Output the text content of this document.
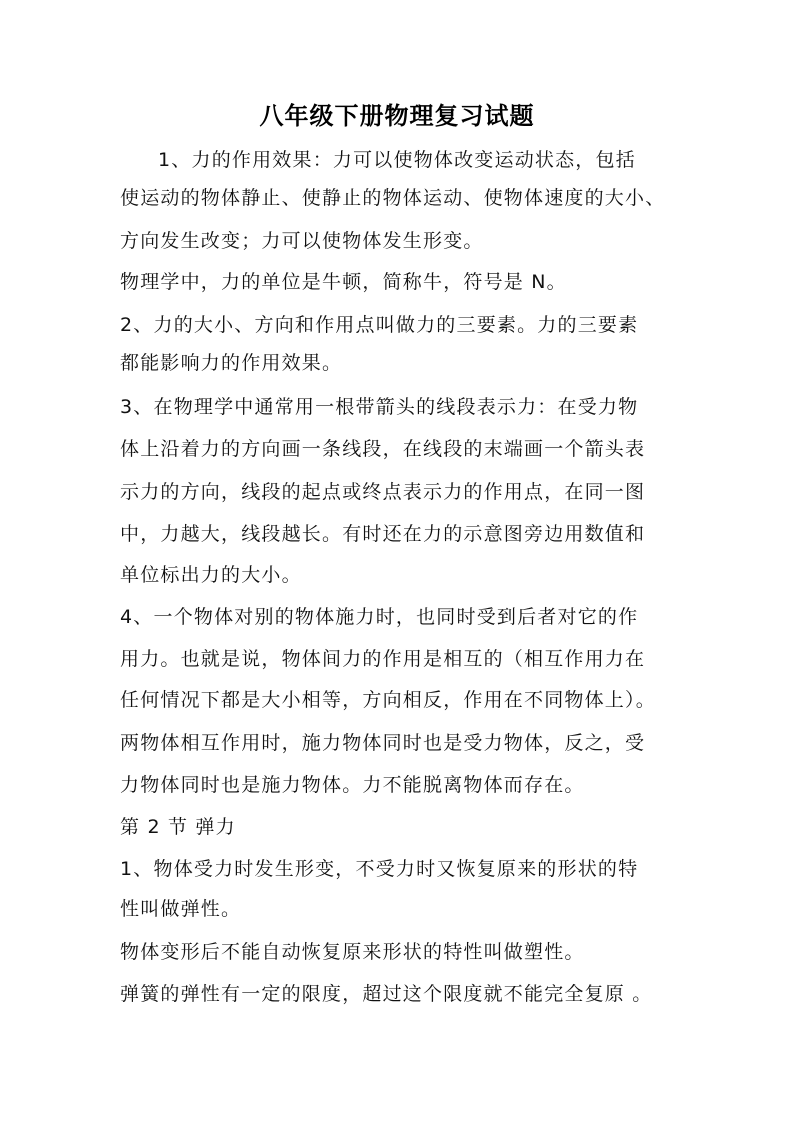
八年级下册物理复习试题

1、力的作用效果：力可以使物体改变运动状态，包括

使运动的物体静止、使静止的物体运动、使物体速度的大小、

方向发生改变；力可以使物体发生形变。

物理学中，力的单位是牛顿，简称牛，符号是 N。

2、力的大小、方向和作用点叫做力的三要素。力的三要素

都能影响力的作用效果。

3、在物理学中通常用一根带箭头的线段表示力：在受力物

体上沿着力的方向画一条线段，在线段的末端画一个箭头表

示力的方向，线段的起点或终点表示力的作用点，在同一图

中，力越大，线段越长。有时还在力的示意图旁边用数值和

单位标出力的大小。

4、一个物体对别的物体施力时，也同时受到后者对它的作

用力。也就是说，物体间力的作用是相互的（相互作用力在

任何情况下都是大小相等，方向相反，作用在不同物体上）。

两物体相互作用时，施力物体同时也是受力物体，反之，受

力物体同时也是施力物体。力不能脱离物体而存在。

第 2 节 弹力

1、物体受力时发生形变，不受力时又恢复原来的形状的特

性叫做弹性。

物体变形后不能自动恢复原来形状的特性叫做塑性。

弹簧的弹性有一定的限度，超过这个限度就不能完全复原 。
